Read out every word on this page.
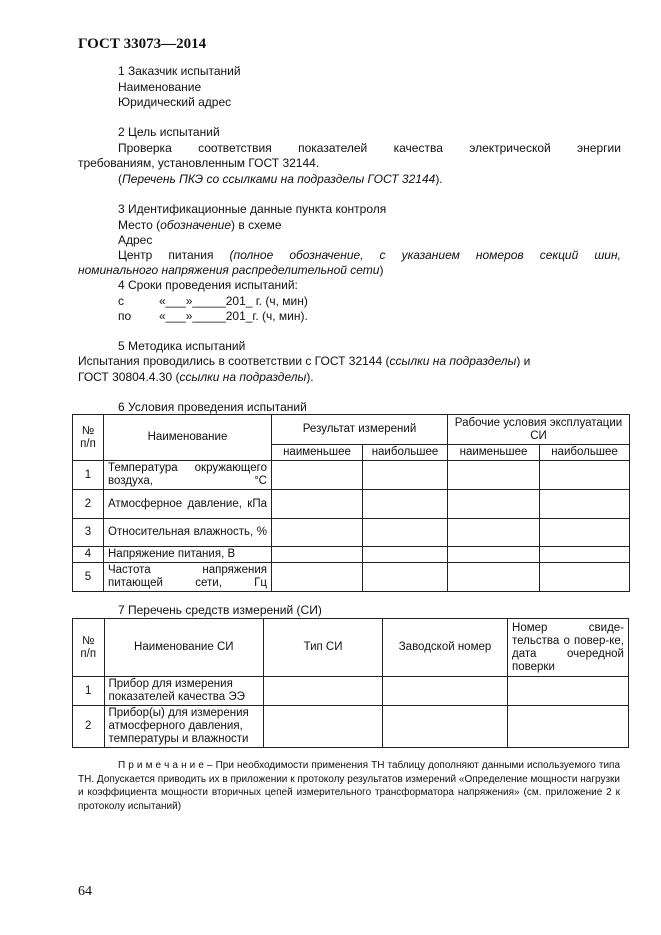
ГОСТ 33073—2014
1 Заказчик испытаний
Наименование
Юридический адрес
2 Цель испытаний
Проверка соответствия показателей качества электрической энергии
требованиям, установленным ГОСТ 32144.
(Перечень ПКЭ со ссылками на подразделы ГОСТ 32144).
3 Идентификационные данные пункта контроля
Место (обозначение) в схеме
Адрес
Центр питания (полное обозначение, с указанием номеров секций шин,
номинального напряжения распределительной сети)
4 Сроки проведения испытаний:
с	«___»_____201_ г. (ч, мин)
по «___»_____201_г. (ч, мин).
5 Методика испытаний
Испытания проводились в соответствии с ГОСТ 32144 (ссылки на подразделы) и
ГОСТ 30804.4.30 (ссылки на подразделы).
6 Условия проведения испытаний
№ п/п	Наименование	Результат измерений		Рабочие условия эксплуатации СИ	
		наименьшее	наибольшее	наименьшее	наибольшее
1	Температура окружающего воздуха, °С				
2	Атмосферное давление, кПа				
3	Относительная влажность, %				
4	Напряжение питания, В				
5	Частота напряжения питающей сети, Гц				
7 Перечень средств измерений (СИ)
№ п/п	Наименование СИ	Тип СИ	Заводской номер	Номер свиде-тельства о повер-ке, дата очередной поверки
1	Прибор для измерения показателей качества ЭЭ			
2	Прибор(ы) для измерения атмосферного давления, температуры и влажности			
П р и м е ч а н и е – При необходимости применения ТН таблицу дополняют данными используемого типа ТН. Допускается приводить их в приложении к протоколу результатов измерений «Определение мощности нагрузки и коэффициента мощности вторичных цепей измерительного трансформатора напряжения» (см. приложение 2 к протоколу испытаний)
64
